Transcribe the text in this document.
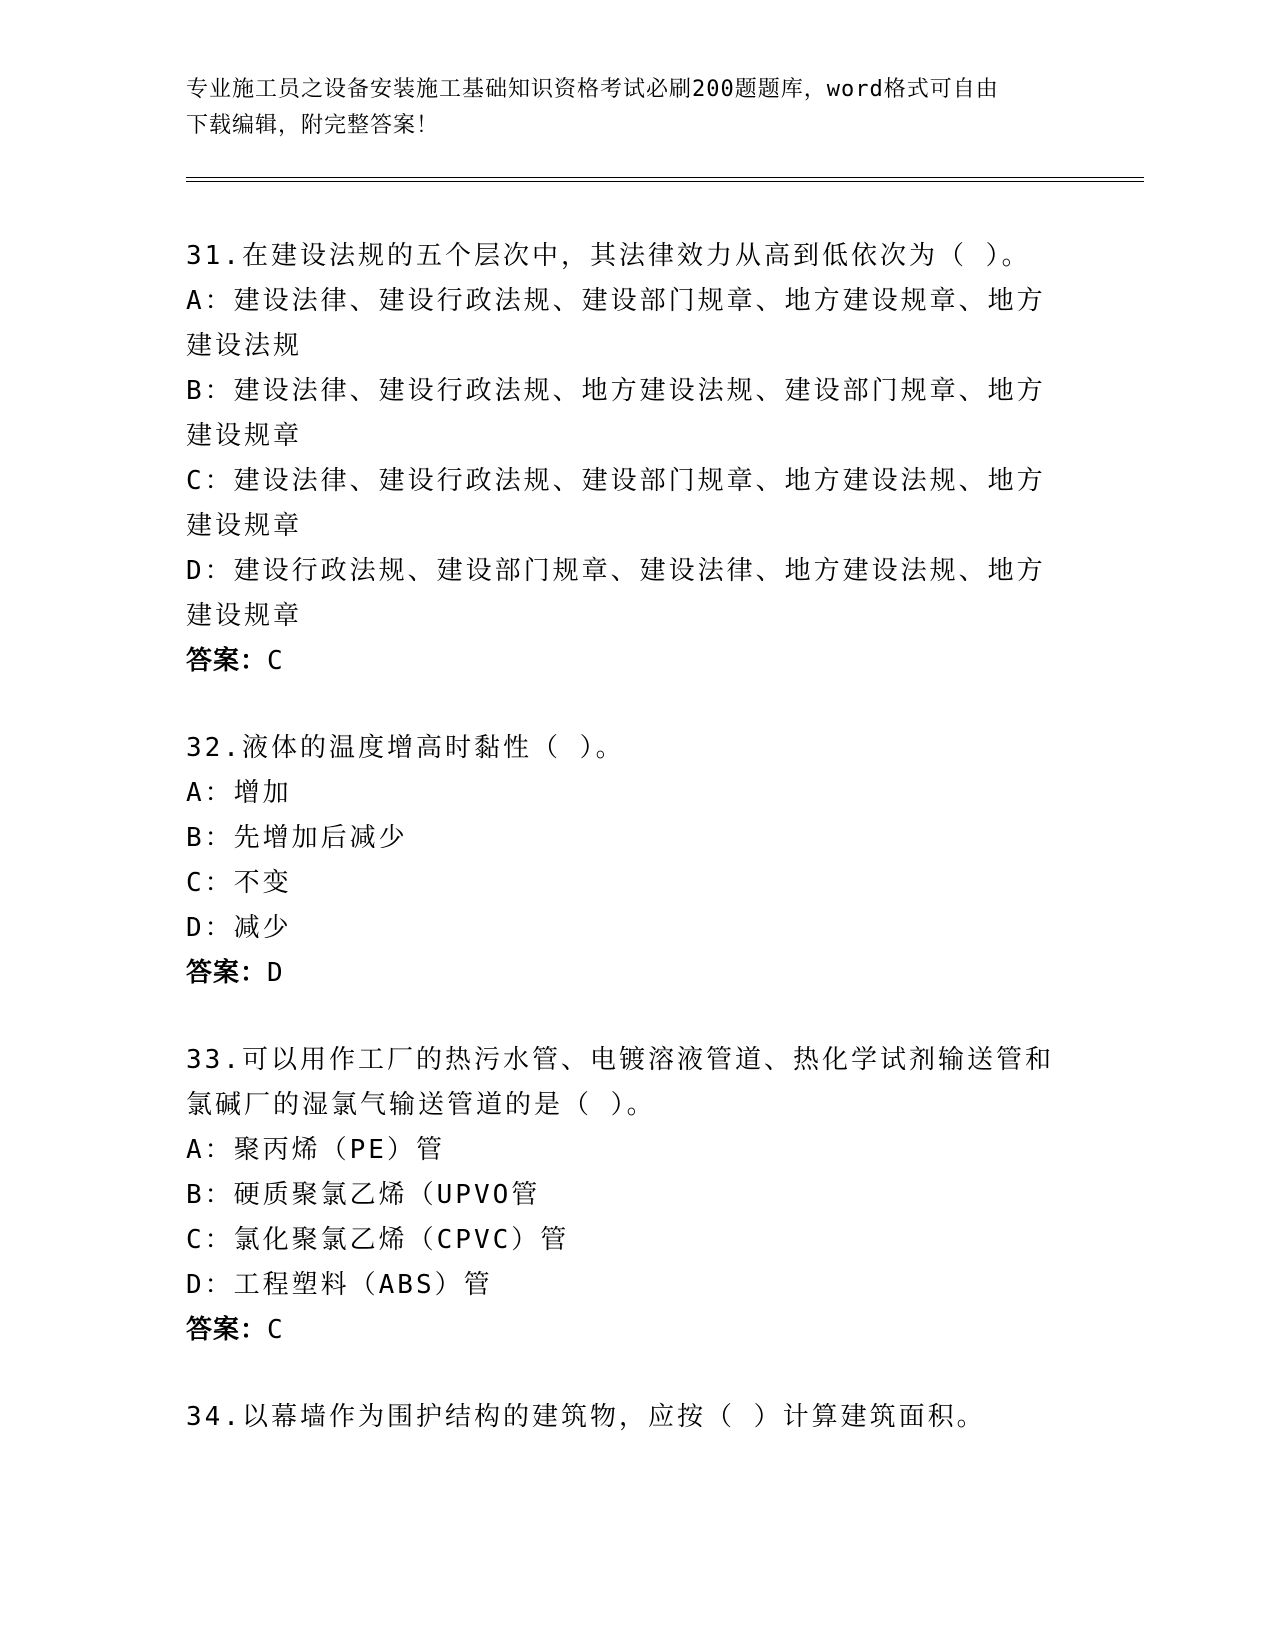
专业施工员之设备安装施工基础知识资格考试必刷200题题库，word格式可自由
下载编辑，附完整答案！
31.在建设法规的五个层次中，其法律效力从高到低依次为（ ）。
A：建设法律、建设行政法规、建设部门规章、地方建设规章、地方建设法规
B：建设法律、建设行政法规、地方建设法规、建设部门规章、地方建设规章
C：建设法律、建设行政法规、建设部门规章、地方建设法规、地方建设规章
D：建设行政法规、建设部门规章、建设法律、地方建设法规、地方建设规章
答案：C
32.液体的温度增高时黏性（ ）。
A：增加
B：先增加后减少
C：不变
D：减少
答案：D
33.可以用作工厂的热污水管、电镀溶液管道、热化学试剂输送管和氯碱厂的湿氯气输送管道的是（ ）。
A：聚丙烯（PE）管
B：硬质聚氯乙烯（UPVO管
C：氯化聚氯乙烯（CPVC）管
D：工程塑料（ABS）管
答案：C
34.以幕墙作为围护结构的建筑物，应按（ ）计算建筑面积。
